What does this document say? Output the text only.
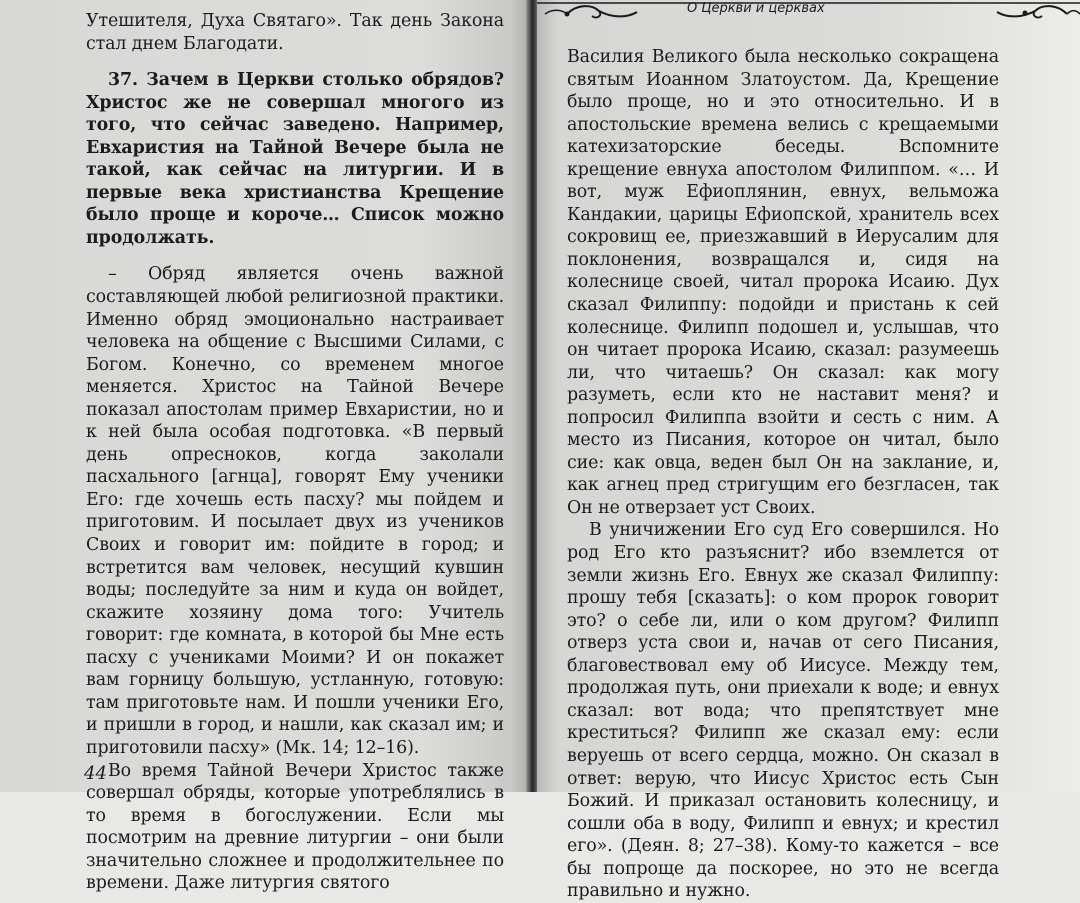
Утешителя, Духа Святаго». Так день Закона стал днем Благодати.

37. Зачем в Церкви столько обрядов? Христос же не совершал многого из того, что сейчас заведено. Например, Евхаристия на Тайной Вечере была не такой, как сейчас на литургии. И в первые века христианства Крещение было проще и короче… Список можно продолжать.

– Обряд является очень важной составляющей любой религиозной практики. Именно обряд эмоционально настраивает человека на общение с Высшими Силами, с Богом. Конечно, со временем многое меняется. Христос на Тайной Вечере показал апостолам пример Евхаристии, но и к ней была особая подготовка. «В первый день опресноков, когда заколали пасхального [агнца], говорят Ему ученики Его: где хочешь есть пасху? мы пойдем и приготовим. И посылает двух из учеников Своих и говорит им: пойдите в город; и встретится вам человек, несущий кувшин воды; последуйте за ним и куда он войдет, скажите хозяину дома того: Учитель говорит: где комната, в которой бы Мне есть пасху с учениками Моими? И он покажет вам горницу большую, устланную, готовую: там приготовьте нам. И пошли ученики Его, и пришли в город, и нашли, как сказал им; и приготовили пасху» (Мк. 14; 12–16).

Во время Тайной Вечери Христос также совершал обряды, которые употреблялись в то время в богослужении. Если мы посмотрим на древние литургии – они были значительно сложнее и продолжительнее по времени. Даже литургия святого

44
О Церкви и церквах

Василия Великого была несколько сокращена святым Иоанном Златоустом. Да, Крещение было проще, но и это относительно. И в апостольские времена велись с крещаемыми катехизаторские беседы. Вспомните крещение евнуха апостолом Филиппом. «… И вот, муж Ефиоплянин, евнух, вельможа Кандакии, царицы Ефиопской, хранитель всех сокровищ ее, приезжавший в Иерусалим для поклонения, возвращался и, сидя на колеснице своей, читал пророка Исаию. Дух сказал Филиппу: подойди и пристань к сей колеснице. Филипп подошел и, услышав, что он читает пророка Исаию, сказал: разумеешь ли, что читаешь? Он сказал: как могу разуметь, если кто не наставит меня? и попросил Филиппа взойти и сесть с ним. А место из Писания, которое он читал, было сие: как овца, веден был Он на заклание, и, как агнец пред стригущим его безгласен, так Он не отверзает уст Своих.

В уничижении Его суд Его совершился. Но род Его кто разъяснит? ибо вземлется от земли жизнь Его. Евнух же сказал Филиппу: прошу тебя [сказать]: о ком пророк говорит это? о себе ли, или о ком другом? Филипп отверз уста свои и, начав от сего Писания, благовествовал ему об Иисусе. Между тем, продолжая путь, они приехали к воде; и евнух сказал: вот вода; что препятствует мне креститься? Филипп же сказал ему: если веруешь от всего сердца, можно. Он сказал в ответ: верую, что Иисус Христос есть Сын Божий. И приказал остановить колесницу, и сошли оба в воду, Филипп и евнух; и крестил его». (Деян. 8; 27–38). Кому-то кажется – все бы попроще да поскорее, но это не всегда правильно и нужно.
